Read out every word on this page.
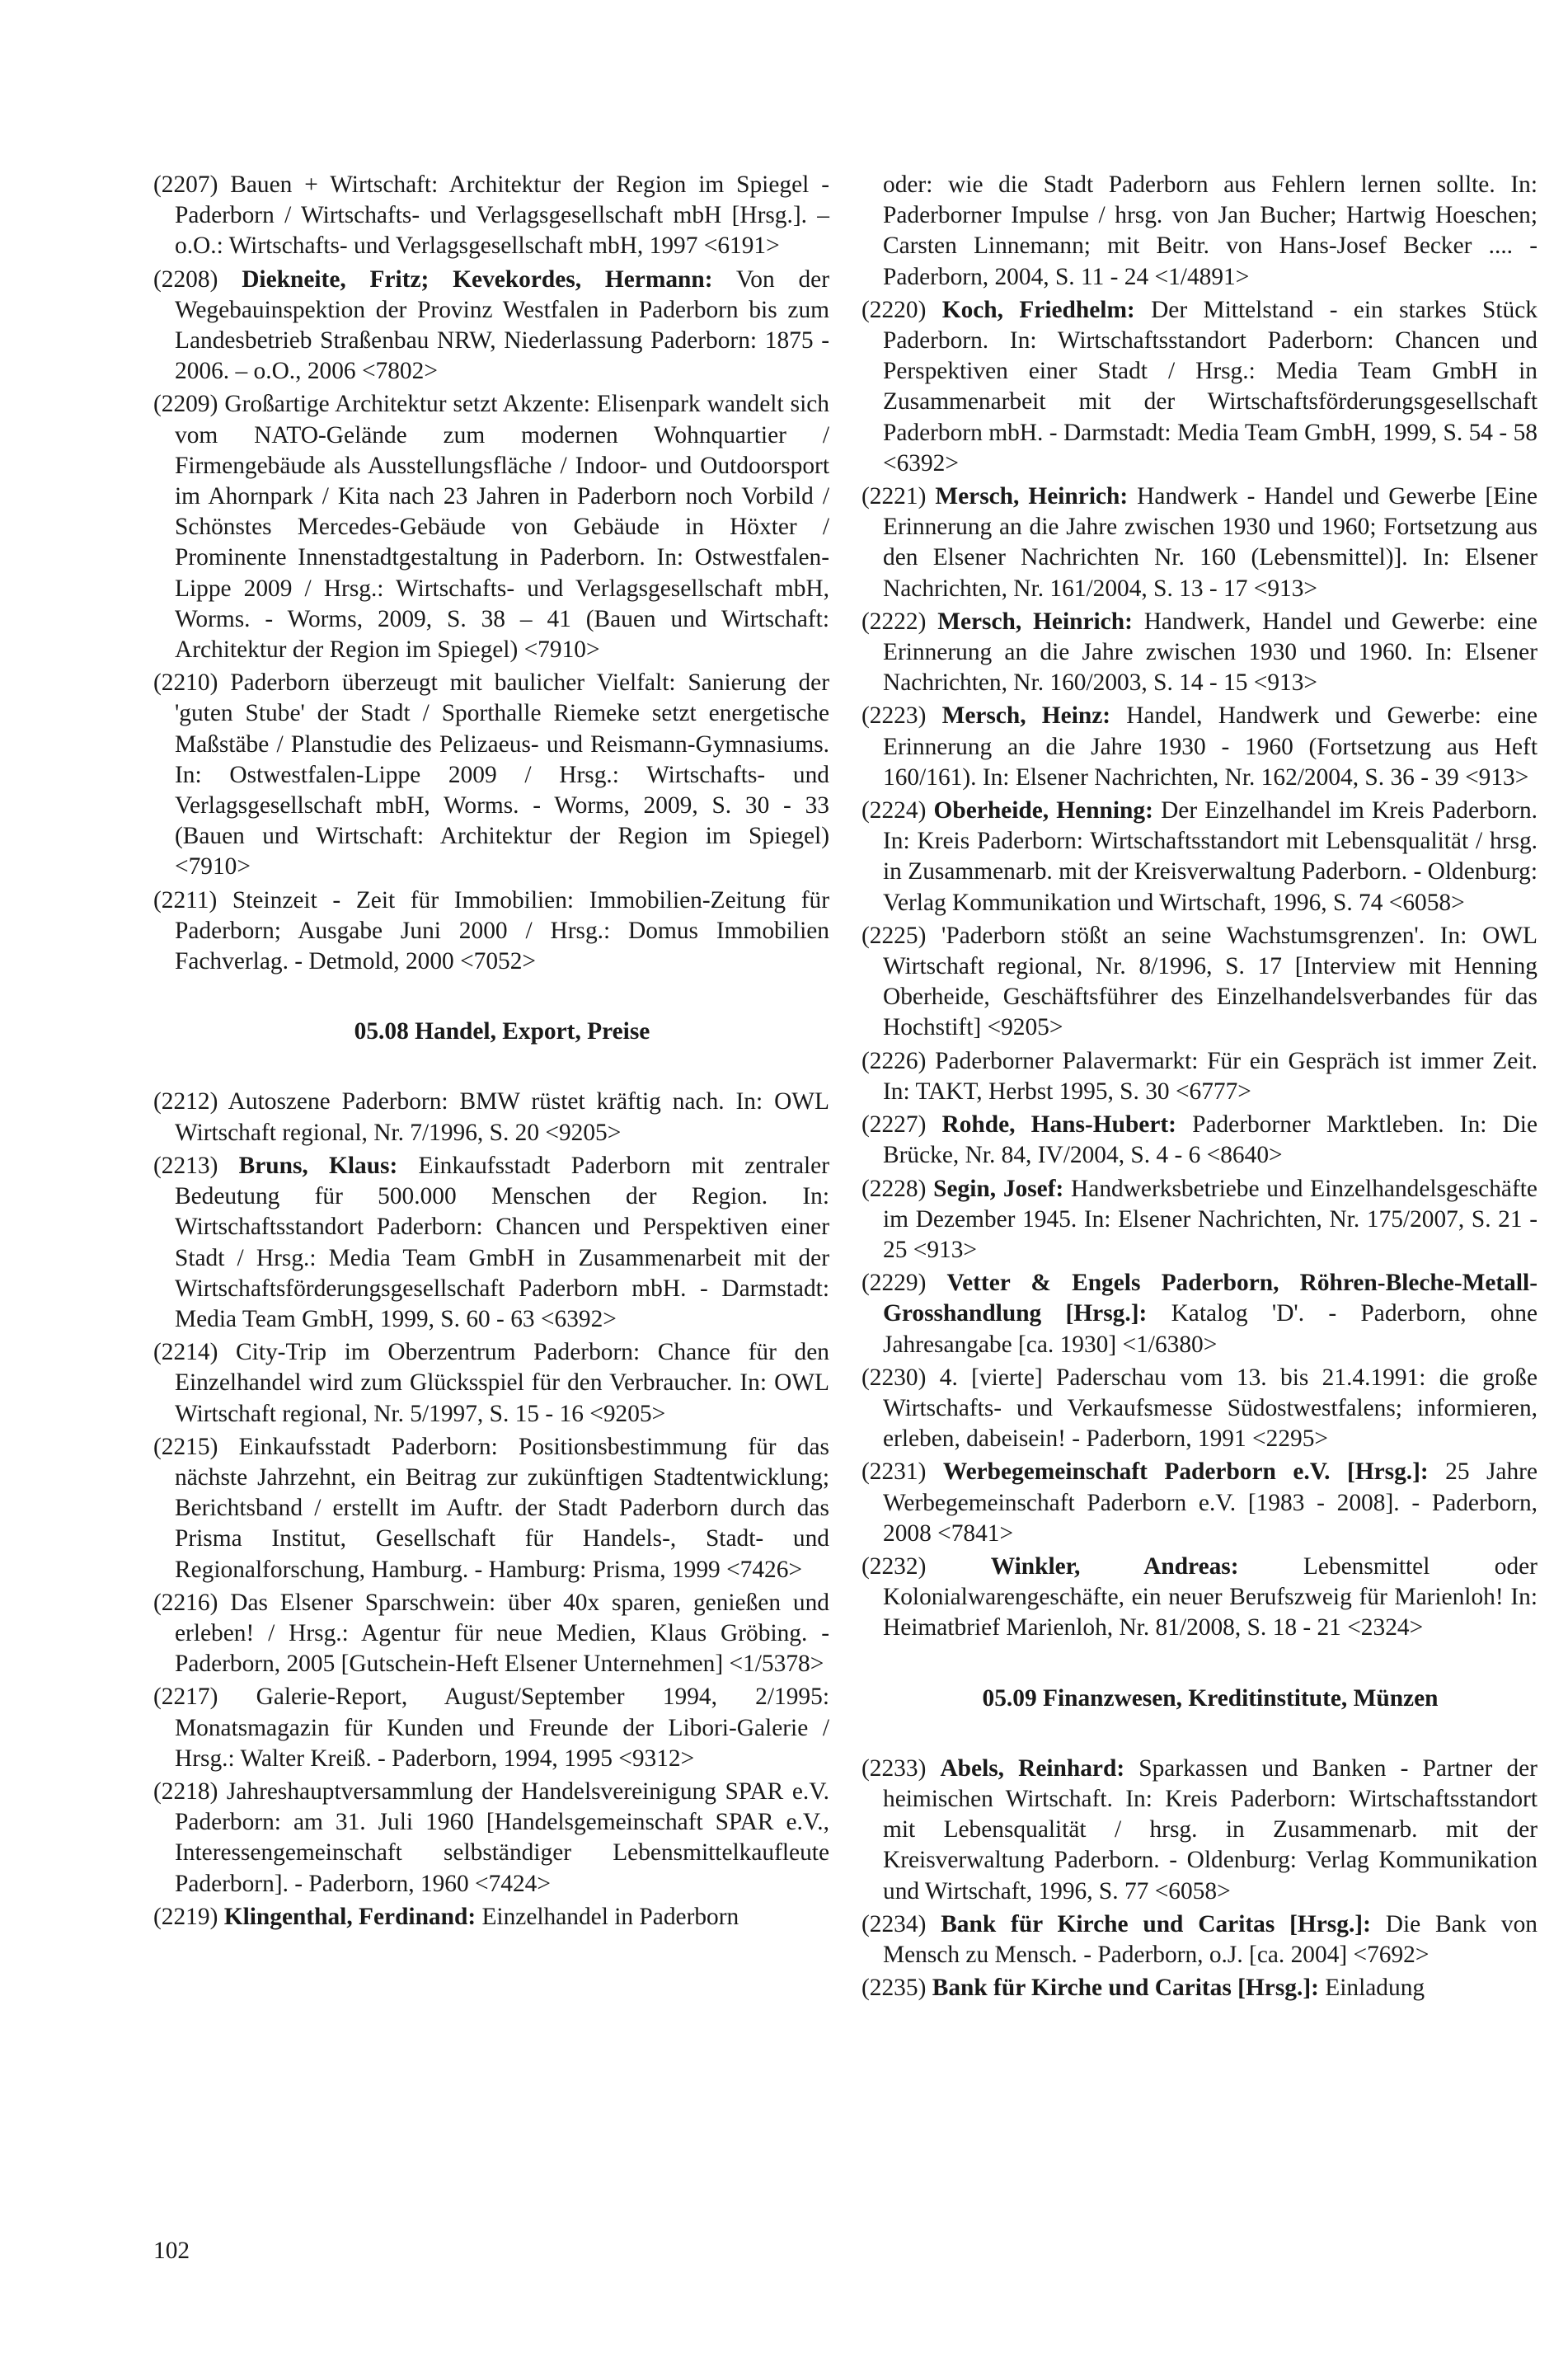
(2207) Bauen + Wirtschaft: Architektur der Region im Spiegel - Paderborn / Wirtschafts- und Verlagsgesellschaft mbH [Hrsg.]. – o.O.: Wirtschafts- und Verlagsgesellschaft mbH, 1997 <6191>
(2208) Diekneite, Fritz; Kevekordes, Hermann: Von der Wegebauinspektion der Provinz Westfalen in Paderborn bis zum Landesbetrieb Straßenbau NRW, Niederlassung Paderborn: 1875 - 2006. – o.O., 2006 <7802>
(2209) Großartige Architektur setzt Akzente: Elisenpark wandelt sich vom NATO-Gelände zum modernen Wohnquartier / Firmengebäude als Ausstellungsfläche / Indoor- und Outdoorsport im Ahornpark / Kita nach 23 Jahren in Paderborn noch Vorbild / Schönstes Mercedes-Gebäude von Gebäude in Höxter / Prominente Innenstadtgestaltung in Paderborn. In: Ostwestfalen-Lippe 2009 / Hrsg.: Wirtschafts- und Verlagsgesellschaft mbH, Worms. - Worms, 2009, S. 38 – 41 (Bauen und Wirtschaft: Architektur der Region im Spiegel) <7910>
(2210) Paderborn überzeugt mit baulicher Vielfalt: Sanierung der 'guten Stube' der Stadt / Sporthalle Riemeke setzt energetische Maßstäbe / Planstudie des Pelizaeus- und Reismann-Gymnasiums. In: Ostwestfalen-Lippe 2009 / Hrsg.: Wirtschafts- und Verlagsgesellschaft mbH, Worms. - Worms, 2009, S. 30 - 33 (Bauen und Wirtschaft: Architektur der Region im Spiegel) <7910>
(2211) Steinzeit - Zeit für Immobilien: Immobilien-Zeitung für Paderborn; Ausgabe Juni 2000 / Hrsg.: Domus Immobilien Fachverlag. - Detmold, 2000 <7052>
05.08 Handel, Export, Preise
(2212) Autoszene Paderborn: BMW rüstet kräftig nach. In: OWL Wirtschaft regional, Nr. 7/1996, S. 20 <9205>
(2213) Bruns, Klaus: Einkaufsstadt Paderborn mit zentraler Bedeutung für 500.000 Menschen der Region. In: Wirtschaftsstandort Paderborn: Chancen und Perspektiven einer Stadt / Hrsg.: Media Team GmbH in Zusammenarbeit mit der Wirtschaftsförderungsgesellschaft Paderborn mbH. - Darmstadt: Media Team GmbH, 1999, S. 60 - 63 <6392>
(2214) City-Trip im Oberzentrum Paderborn: Chance für den Einzelhandel wird zum Glücksspiel für den Verbraucher. In: OWL Wirtschaft regional, Nr. 5/1997, S. 15 - 16 <9205>
(2215) Einkaufsstadt Paderborn: Positionsbestimmung für das nächste Jahrzehnt, ein Beitrag zur zukünftigen Stadtentwicklung; Berichtsband / erstellt im Auftr. der Stadt Paderborn durch das Prisma Institut, Gesellschaft für Handels-, Stadt- und Regionalforschung, Hamburg. - Hamburg: Prisma, 1999 <7426>
(2216) Das Elsener Sparschwein: über 40x sparen, genießen und erleben! / Hrsg.: Agentur für neue Medien, Klaus Gröbing. - Paderborn, 2005 [Gutschein-Heft Elsener Unternehmen] <1/5378>
(2217) Galerie-Report, August/September 1994, 2/1995: Monatsmagazin für Kunden und Freunde der Libori-Galerie / Hrsg.: Walter Kreiß. - Paderborn, 1994, 1995 <9312>
(2218) Jahreshauptversammlung der Handelsvereinigung SPAR e.V. Paderborn: am 31. Juli 1960 [Handelsgemeinschaft SPAR e.V., Interessengemeinschaft selbständiger Lebensmittelkaufleute Paderborn]. - Paderborn, 1960 <7424>
(2219) Klingenthal, Ferdinand: Einzelhandel in Paderborn
oder: wie die Stadt Paderborn aus Fehlern lernen sollte. In: Paderborner Impulse / hrsg. von Jan Bucher; Hartwig Hoeschen; Carsten Linnemann; mit Beitr. von Hans-Josef Becker .... - Paderborn, 2004, S. 11 - 24 <1/4891>
(2220) Koch, Friedhelm: Der Mittelstand - ein starkes Stück Paderborn. In: Wirtschaftsstandort Paderborn: Chancen und Perspektiven einer Stadt / Hrsg.: Media Team GmbH in Zusammenarbeit mit der Wirtschaftsförderungsgesellschaft Paderborn mbH. - Darmstadt: Media Team GmbH, 1999, S. 54 - 58 <6392>
(2221) Mersch, Heinrich: Handwerk - Handel und Gewerbe [Eine Erinnerung an die Jahre zwischen 1930 und 1960; Fortsetzung aus den Elsener Nachrichten Nr. 160 (Lebensmittel)]. In: Elsener Nachrichten, Nr. 161/2004, S. 13 - 17 <913>
(2222) Mersch, Heinrich: Handwerk, Handel und Gewerbe: eine Erinnerung an die Jahre zwischen 1930 und 1960. In: Elsener Nachrichten, Nr. 160/2003, S. 14 - 15 <913>
(2223) Mersch, Heinz: Handel, Handwerk und Gewerbe: eine Erinnerung an die Jahre 1930 - 1960 (Fortsetzung aus Heft 160/161). In: Elsener Nachrichten, Nr. 162/2004, S. 36 - 39 <913>
(2224) Oberheide, Henning: Der Einzelhandel im Kreis Paderborn. In: Kreis Paderborn: Wirtschaftsstandort mit Lebensqualität / hrsg. in Zusammenarb. mit der Kreisverwaltung Paderborn. - Oldenburg: Verlag Kommunikation und Wirtschaft, 1996, S. 74 <6058>
(2225) 'Paderborn stößt an seine Wachstumsgrenzen'. In: OWL Wirtschaft regional, Nr. 8/1996, S. 17 [Interview mit Henning Oberheide, Geschäftsführer des Einzelhandelsverbandes für das Hochstift] <9205>
(2226) Paderborner Palavermarkt: Für ein Gespräch ist immer Zeit. In: TAKT, Herbst 1995, S. 30 <6777>
(2227) Rohde, Hans-Hubert: Paderborner Marktleben. In: Die Brücke, Nr. 84, IV/2004, S. 4 - 6 <8640>
(2228) Segin, Josef: Handwerksbetriebe und Einzelhandelsgeschäfte im Dezember 1945. In: Elsener Nachrichten, Nr. 175/2007, S. 21 - 25 <913>
(2229) Vetter & Engels Paderborn, Röhren-Bleche-Metall-Grosshandlung [Hrsg.]: Katalog 'D'. - Paderborn, ohne Jahresangabe [ca. 1930] <1/6380>
(2230) 4. [vierte] Paderschau vom 13. bis 21.4.1991: die große Wirtschafts- und Verkaufsmesse Südostwestfalens; informieren, erleben, dabeisein! - Paderborn, 1991 <2295>
(2231) Werbegemeinschaft Paderborn e.V. [Hrsg.]: 25 Jahre Werbegemeinschaft Paderborn e.V. [1983 - 2008]. - Paderborn, 2008 <7841>
(2232)	Winkler, Andreas:	Lebensmittel oder Kolonialwarengeschäfte, ein neuer Berufszweig für Marienloh! In: Heimatbrief Marienloh, Nr. 81/2008, S. 18 - 21 <2324>
05.09 Finanzwesen, Kreditinstitute, Münzen
(2233) Abels, Reinhard: Sparkassen und Banken - Partner der heimischen Wirtschaft. In: Kreis Paderborn: Wirtschaftsstandort mit Lebensqualität / hrsg. in Zusammenarb. mit der Kreisverwaltung Paderborn. - Oldenburg: Verlag Kommunikation und Wirtschaft, 1996, S. 77 <6058>
(2234) Bank für Kirche und Caritas [Hrsg.]: Die Bank von Mensch zu Mensch. - Paderborn, o.J. [ca. 2004] <7692>
(2235) Bank für Kirche und Caritas [Hrsg.]: Einladung
102
